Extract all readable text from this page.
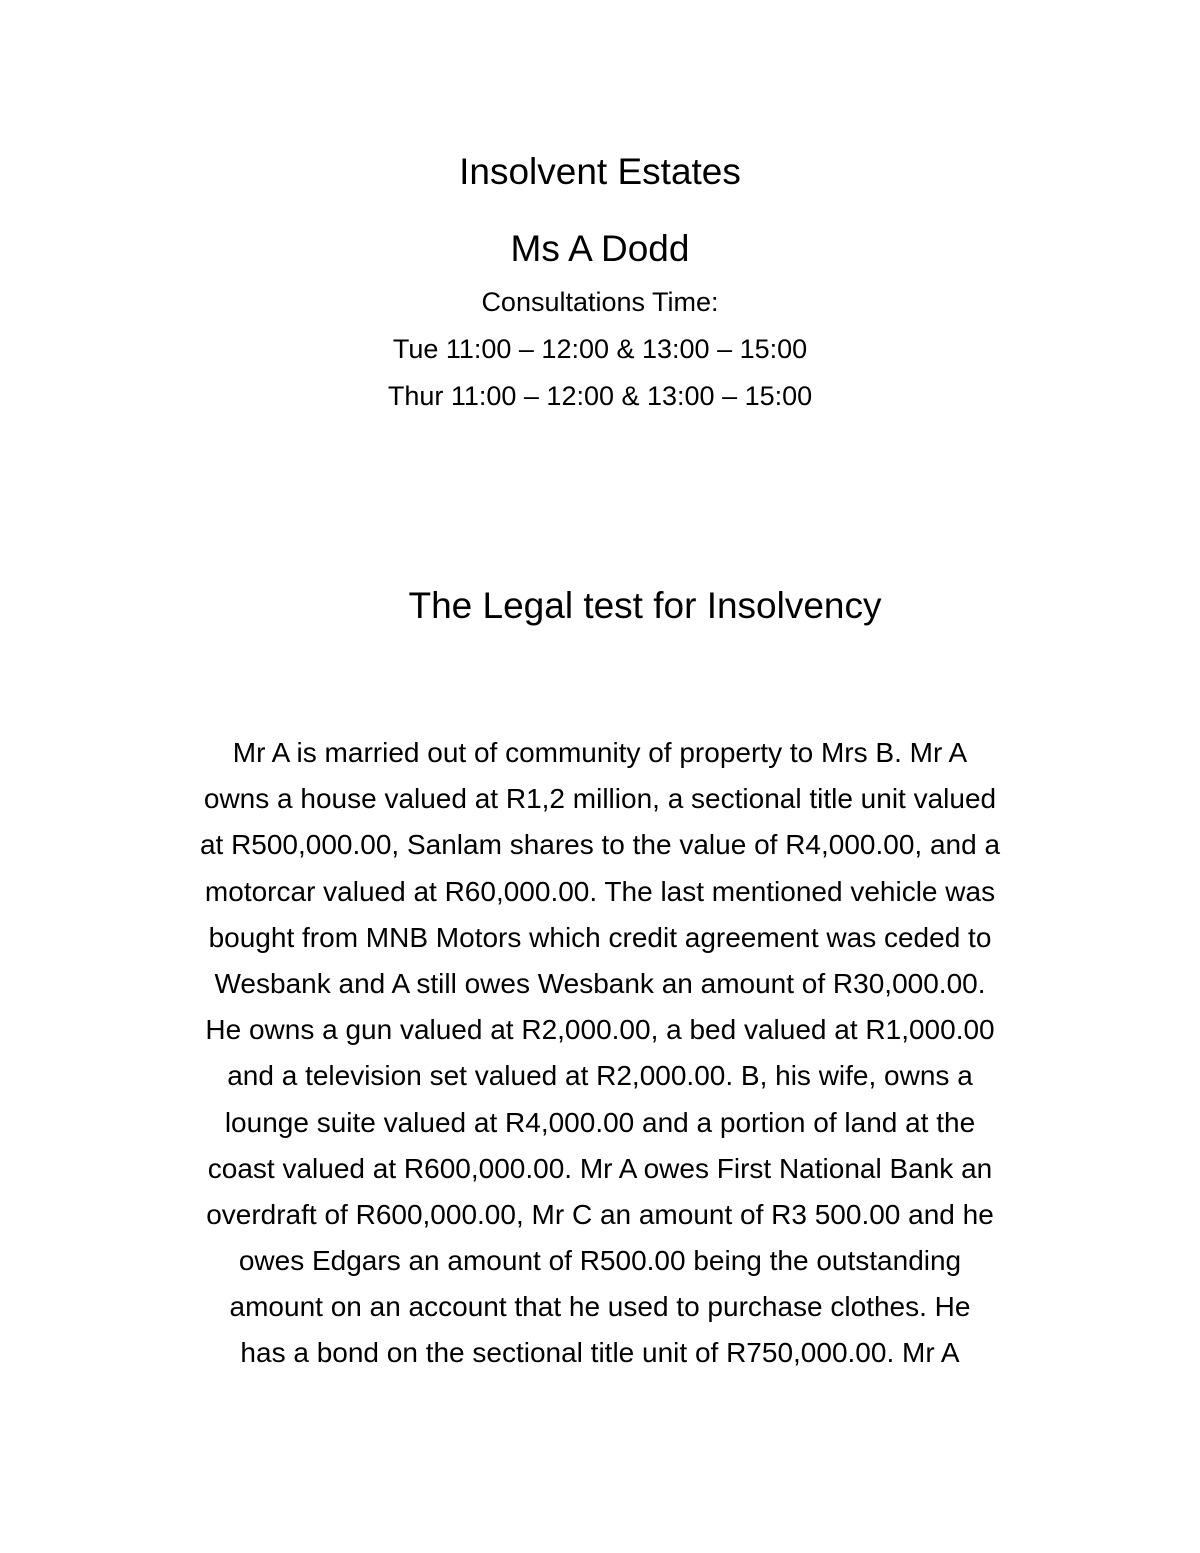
Insolvent Estates
Ms A Dodd
Consultations Time:
Tue 11:00 – 12:00 & 13:00 – 15:00
Thur 11:00 – 12:00 & 13:00 – 15:00
The Legal test for Insolvency
Mr A is married out of community of property to Mrs B. Mr A
owns a house valued at R1,2 million, a sectional title unit valued
at R500,000.00, Sanlam shares to the value of R4,000.00, and a
motorcar valued at R60,000.00. The last mentioned vehicle was
bought from MNB Motors which credit agreement was ceded to
Wesbank and A still owes Wesbank an amount of R30,000.00.
He owns a gun valued at R2,000.00, a bed valued at R1,000.00
and a television set valued at R2,000.00. B, his wife, owns a
lounge suite valued at R4,000.00 and a portion of land at the
coast valued at R600,000.00. Mr A owes First National Bank an
overdraft of R600,000.00, Mr C an amount of R3 500.00 and he
owes Edgars an amount of R500.00 being the outstanding
amount on an account that he used to purchase clothes. He
has a bond on the sectional title unit of R750,000.00. Mr A
